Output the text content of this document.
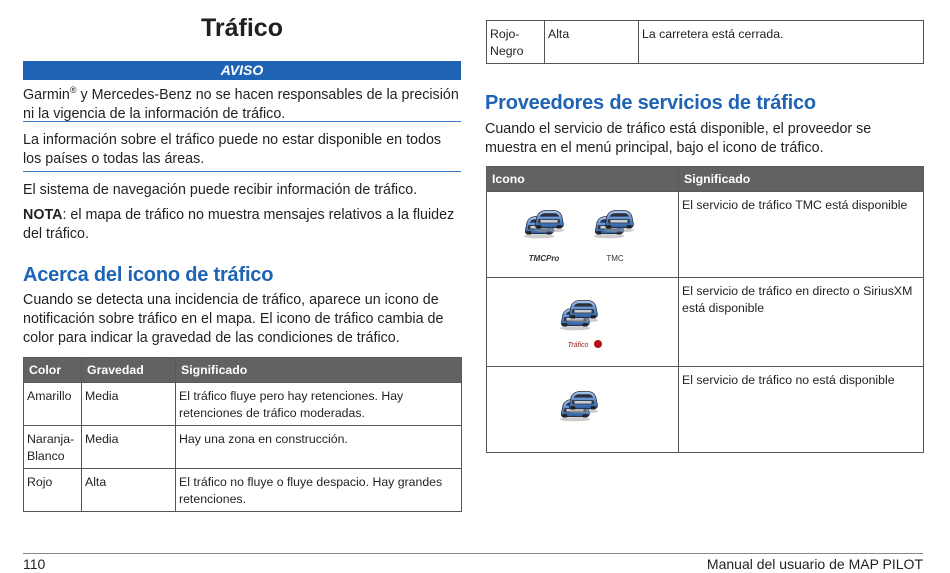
Tráfico
AVISO

Garmin® y Mercedes-Benz no se hacen responsables de la precisión ni la vigencia de la información de tráfico.

La información sobre el tráfico puede no estar disponible en todos los países o todas las áreas.

El sistema de navegación puede recibir información de tráfico.

NOTA: el mapa de tráfico no muestra mensajes relativos a la fluidez del tráfico.

Acerca del icono de tráfico

Cuando se detecta una incidencia de tráfico, aparece un icono de notificación sobre tráfico en el mapa. El icono de tráfico cambia de color para indicar la gravedad de las condiciones de tráfico.

Color	Gravedad	Significado
Amarillo	Media	El tráfico fluye pero hay retenciones. Hay retenciones de tráfico moderadas.
Naranja-Blanco	Media	Hay una zona en construcción.
Rojo	Alta	El tráfico no fluye o fluye despacio. Hay grandes retenciones.
Rojo-Negro	Alta	La carretera está cerrada.
Proveedores de servicios de tráfico

Cuando el servicio de tráfico está disponible, el proveedor se muestra en el menú principal, bajo el icono de tráfico.

Icono	Significado

TMCPro TMC	El servicio de tráfico TMC está disponible

Tráfico	El servicio de tráfico en directo o SiriusXM está disponible
	El servicio de tráfico no está disponible
110	Manual del usuario de MAP PILOT
